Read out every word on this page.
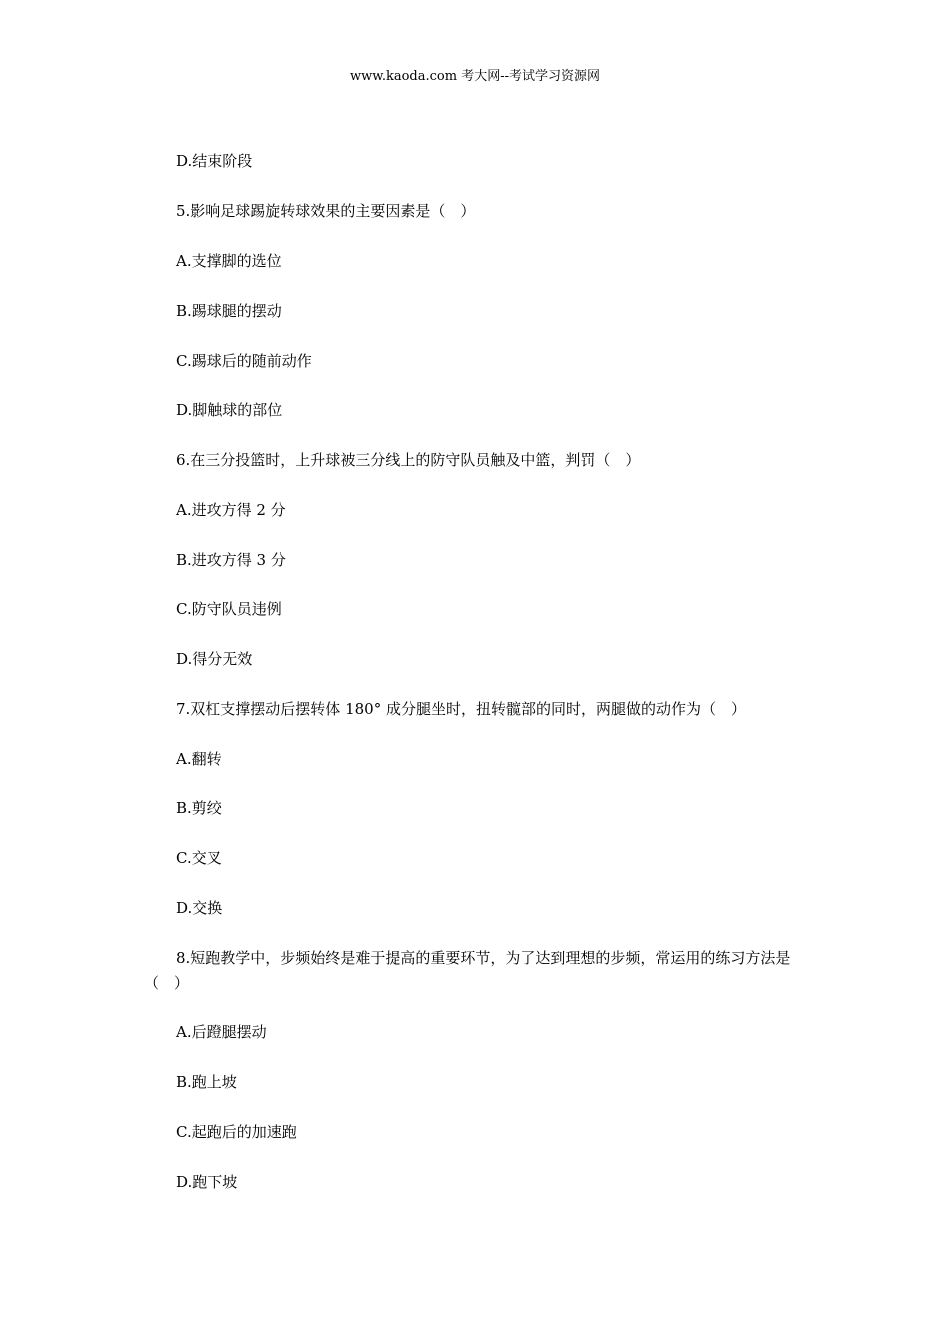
www.kaoda.com 考大网--考试学习资源网
D.结束阶段
5.影响足球踢旋转球效果的主要因素是（　）
A.支撑脚的选位
B.踢球腿的摆动
C.踢球后的随前动作
D.脚触球的部位
6.在三分投篮时，上升球被三分线上的防守队员触及中篮，判罚（　）
A.进攻方得 2 分
B.进攻方得 3 分
C.防守队员违例
D.得分无效
7.双杠支撑摆动后摆转体 180° 成分腿坐时，扭转髋部的同时，两腿做的动作为（　）
A.翻转
B.剪绞
C.交叉
D.交换
8.短跑教学中，步频始终是难于提高的重要环节，为了达到理想的步频，常运用的练习方法是（　）
A.后蹬腿摆动
B.跑上坡
C.起跑后的加速跑
D.跑下坡
